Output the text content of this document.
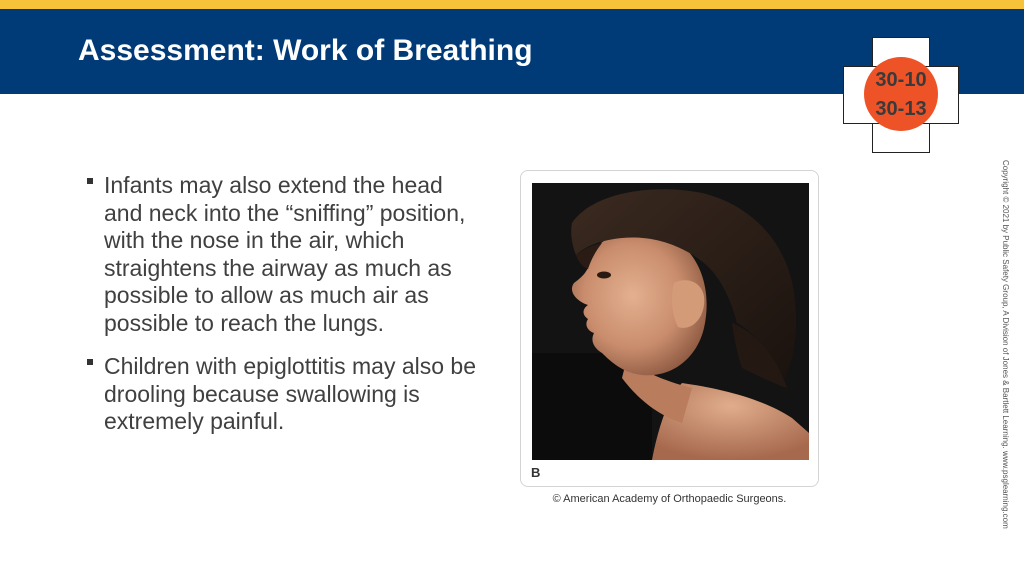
Assessment: Work of Breathing
30-10
30-13
Infants may also extend the head and neck into the “sniffing” position, with the nose in the air, which straightens the airway as much as possible to allow as much air as possible to reach the lungs.
Children with epiglottitis may also be drooling because swallowing is extremely painful.
B
© American Academy of Orthopaedic Surgeons.	Copyright © 2021 by Public Safety Group, A Division of Jones & Bartlett Learning. www.psglearning.com
